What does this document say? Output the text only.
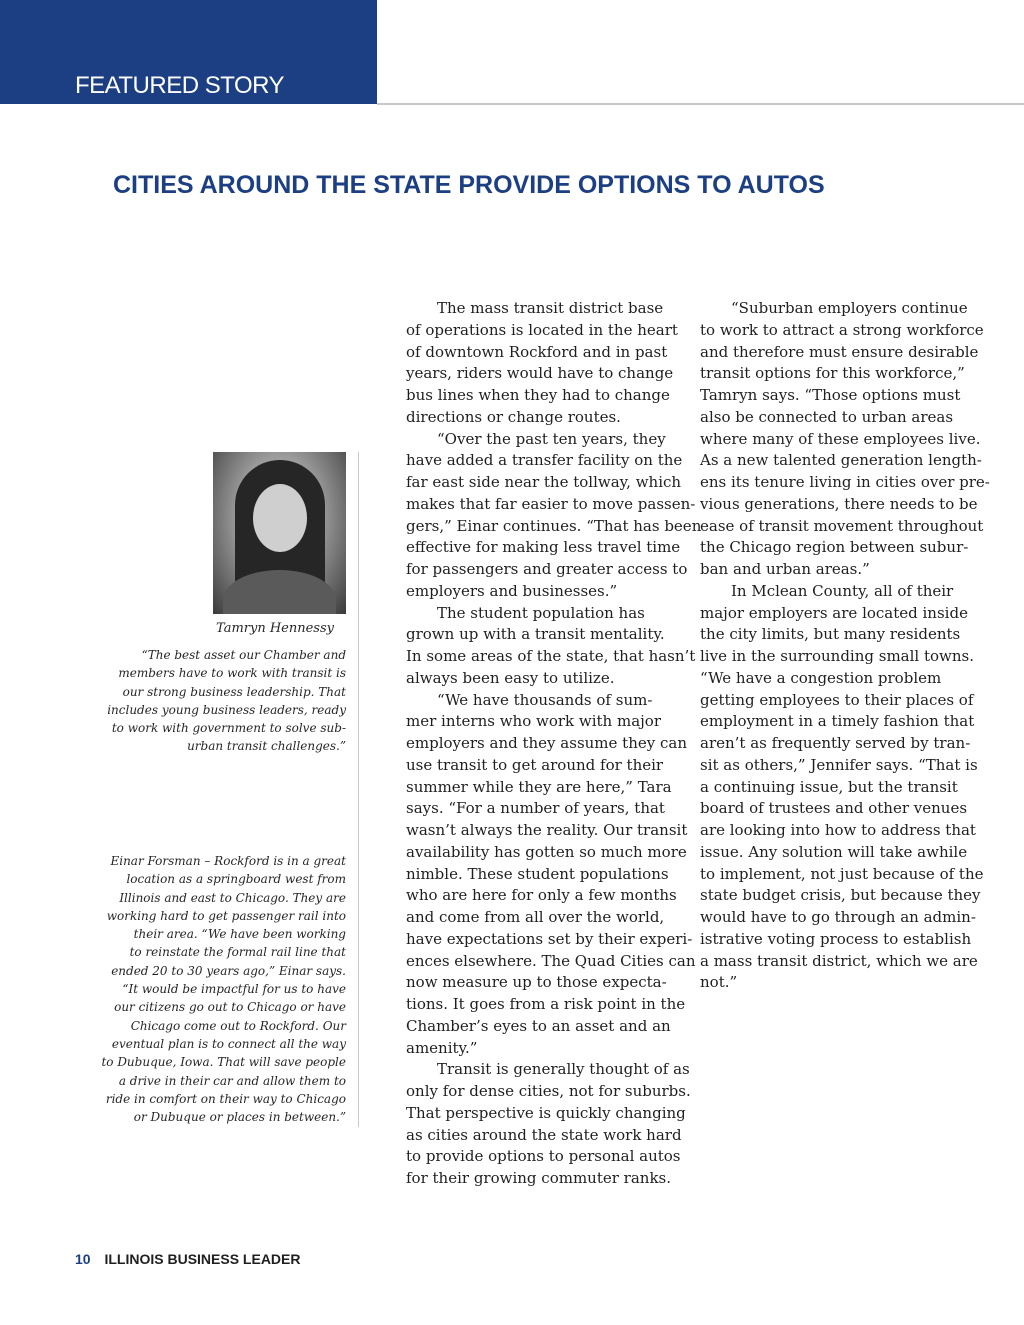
FEATURED STORY
CITIES AROUND THE STATE PROVIDE OPTIONS TO AUTOS
Tamryn Hennessy
“The best asset our Chamber and
members have to work with transit is
our strong business leadership. That
includes young business leaders, ready
to work with government to solve sub-
urban transit challenges.”
Einar Forsman – Rockford is in a great
location as a springboard west from
Illinois and east to Chicago. They are
working hard to get passenger rail into
their area. “We have been working
to reinstate the formal rail line that
ended 20 to 30 years ago,” Einar says.
“It would be impactful for us to have
our citizens go out to Chicago or have
Chicago come out to Rockford. Our
eventual plan is to connect all the way
to Dubuque, Iowa. That will save people
a drive in their car and allow them to
ride in comfort on their way to Chicago
or Dubuque or places in between.”
The mass transit district base
of operations is located in the heart
of downtown Rockford and in past
years, riders would have to change
bus lines when they had to change
directions or change routes.
“Over the past ten years, they
have added a transfer facility on the
far east side near the tollway, which
makes that far easier to move passen-
gers,” Einar continues. “That has been
effective for making less travel time
for passengers and greater access to
employers and businesses.”
The student population has
grown up with a transit mentality.
In some areas of the state, that hasn’t
always been easy to utilize.
“We have thousands of sum-
mer interns who work with major
employers and they assume they can
use transit to get around for their
summer while they are here,” Tara
says. “For a number of years, that
wasn’t always the reality. Our transit
availability has gotten so much more
nimble. These student populations
who are here for only a few months
and come from all over the world,
have expectations set by their experi-
ences elsewhere. The Quad Cities can
now measure up to those expecta-
tions. It goes from a risk point in the
Chamber’s eyes to an asset and an
amenity.”
Transit is generally thought of as
only for dense cities, not for suburbs.
That perspective is quickly changing
as cities around the state work hard
to provide options to personal autos
for their growing commuter ranks.
“Suburban employers continue
to work to attract a strong workforce
and therefore must ensure desirable
transit options for this workforce,”
Tamryn says. “Those options must
also be connected to urban areas
where many of these employees live.
As a new talented generation length-
ens its tenure living in cities over pre-
vious generations, there needs to be
ease of transit movement throughout
the Chicago region between subur-
ban and urban areas.”
In Mclean County, all of their
major employers are located inside
the city limits, but many residents
live in the surrounding small towns.
“We have a congestion problem
getting employees to their places of
employment in a timely fashion that
aren’t as frequently served by tran-
sit as others,” Jennifer says. “That is
a continuing issue, but the transit
board of trustees and other venues
are looking into how to address that
issue. Any solution will take awhile
to implement, not just because of the
state budget crisis, but because they
would have to go through an admin-
istrative voting process to establish
a mass transit district, which we are
not.”
10 ILLINOIS BUSINESS LEADER
